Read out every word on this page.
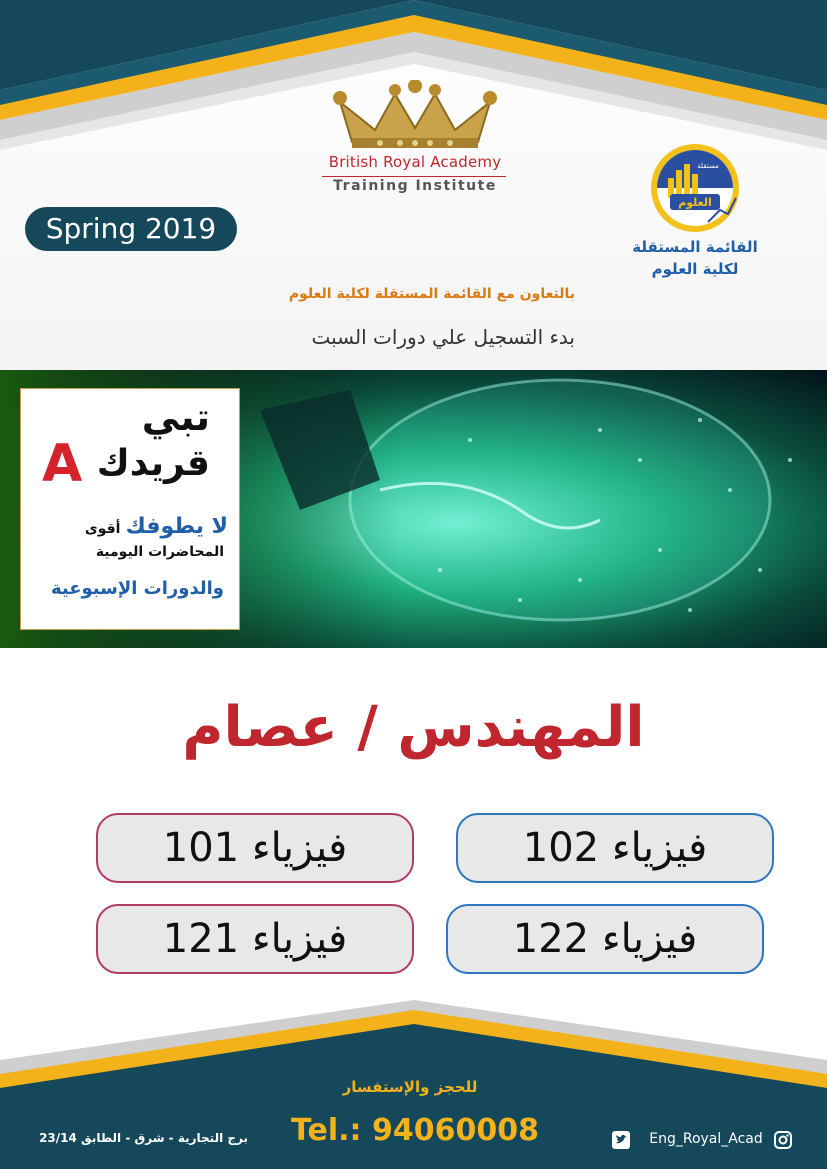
British Royal Academy
Training Institute
Spring 2019
العلوم
مستقلة
القائمة المستقلة
لكلية العلوم
بالتعاون مع القائمة المستقلة لكلية العلوم
بدء التسجيل علي دورات السبت
تبي
قريدك
A
لا يطوفك أقوى
المحاضرات اليومية
والدورات الإسبوعية
المهندس / عصام
فيزياء 101	فيزياء 102
فيزياء 121	فيزياء 122
للحجز والإستفسار
Tel.: 94060008
برج التجارية - شرق - الطابق 23/14	Eng_Royal_Acad
